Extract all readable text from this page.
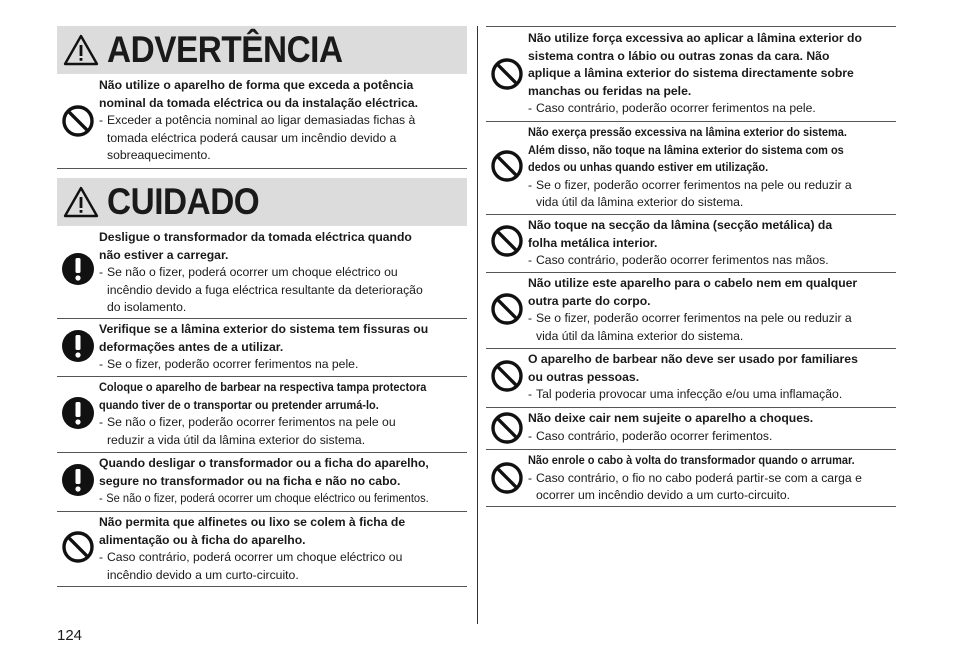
ADVERTÊNCIA
Não utilize o aparelho de forma que exceda a potência
nominal da tomada eléctrica ou da instalação eléctrica.
- Exceder a potência nominal ao ligar demasiadas fichas à
tomada eléctrica poderá causar um incêndio devido a
sobreaquecimento.
CUIDADO
Desligue o transformador da tomada eléctrica quando
não estiver a carregar.
- Se não o fizer, poderá ocorrer um choque eléctrico ou
incêndio devido a fuga eléctrica resultante da deterioração
do isolamento.
Verifique se a lâmina exterior do sistema tem fissuras ou
deformações antes de a utilizar.
- Se o fizer, poderão ocorrer ferimentos na pele.
Coloque o aparelho de barbear na respectiva tampa protectora
quando tiver de o transportar ou pretender arrumá-lo.
- Se não o fizer, poderão ocorrer ferimentos na pele ou
reduzir a vida útil da lâmina exterior do sistema.
Quando desligar o transformador ou a ficha do aparelho,
segure no transformador ou na ficha e não no cabo.
- Se não o fizer, poderá ocorrer um choque eléctrico ou ferimentos.
Não permita que alfinetes ou lixo se colem à ficha de
alimentação ou à ficha do aparelho.
- Caso contrário, poderá ocorrer um choque eléctrico ou
incêndio devido a um curto-circuito.
Não utilize força excessiva ao aplicar a lâmina exterior do
sistema contra o lábio ou outras zonas da cara. Não
aplique a lâmina exterior do sistema directamente sobre
manchas ou feridas na pele.
- Caso contrário, poderão ocorrer ferimentos na pele.
Não exerça pressão excessiva na lâmina exterior do sistema.
Além disso, não toque na lâmina exterior do sistema com os
dedos ou unhas quando estiver em utilização.
- Se o fizer, poderão ocorrer ferimentos na pele ou reduzir a
vida útil da lâmina exterior do sistema.
Não toque na secção da lâmina (secção metálica) da
folha metálica interior.
- Caso contrário, poderão ocorrer ferimentos nas mãos.
Não utilize este aparelho para o cabelo nem em qualquer
outra parte do corpo.
- Se o fizer, poderão ocorrer ferimentos na pele ou reduzir a
vida útil da lâmina exterior do sistema.
O aparelho de barbear não deve ser usado por familiares
ou outras pessoas.
- Tal poderia provocar uma infecção e/ou uma inflamação.
Não deixe cair nem sujeite o aparelho a choques.
- Caso contrário, poderão ocorrer ferimentos.
Não enrole o cabo à volta do transformador quando o arrumar.
- Caso contrário, o fio no cabo poderá partir-se com a carga e
ocorrer um incêndio devido a um curto-circuito.
124
